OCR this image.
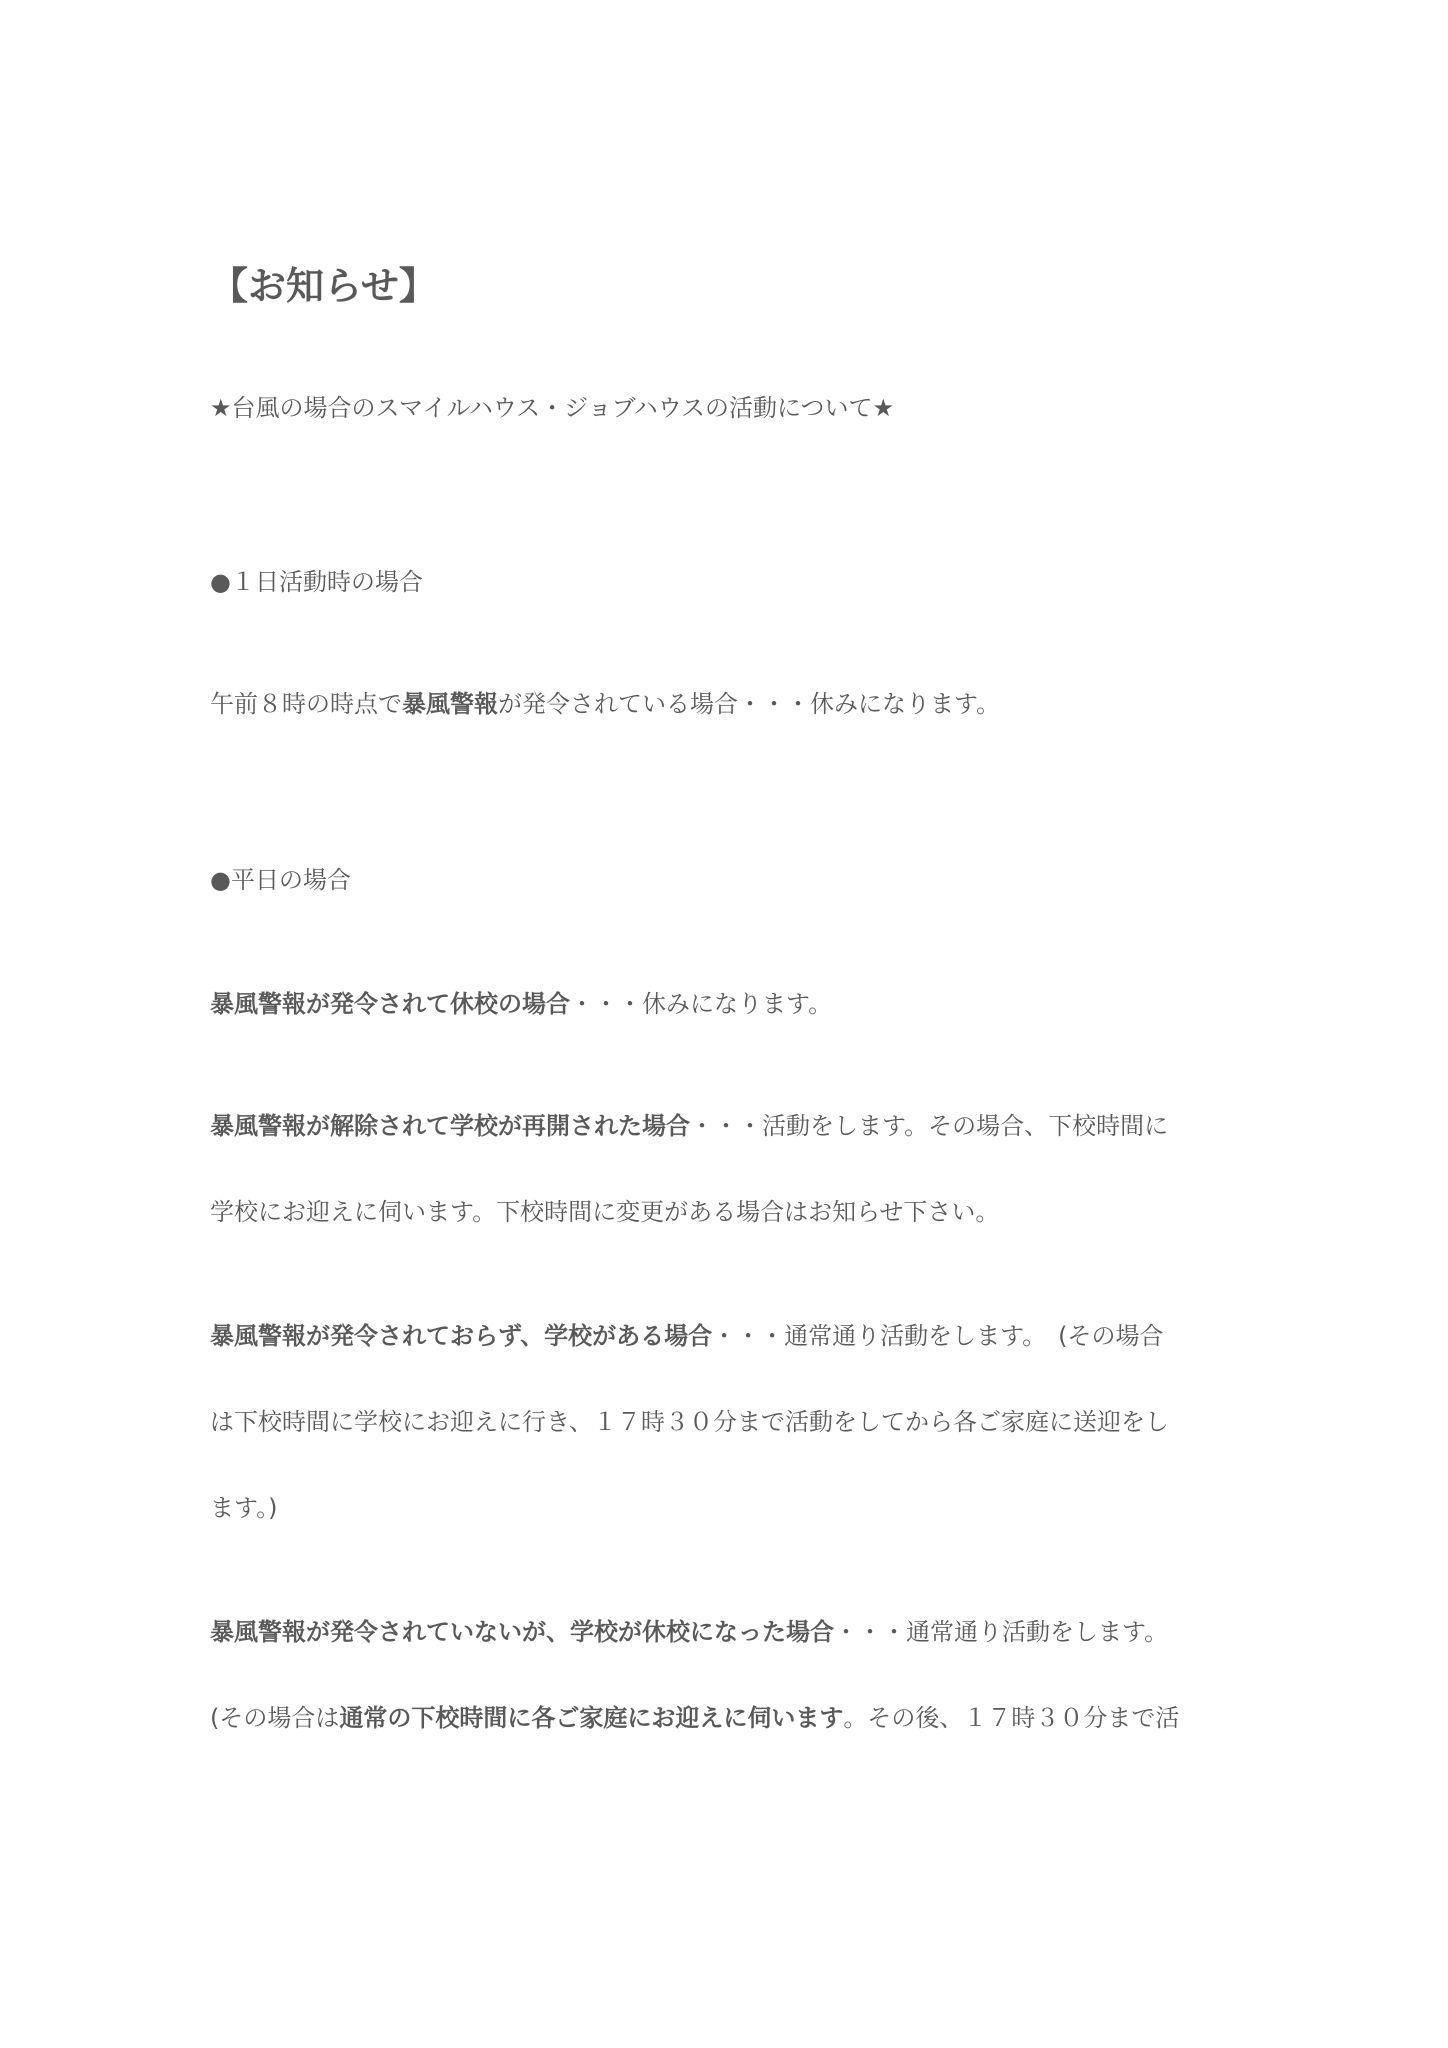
【お知らせ】
★台風の場合のスマイルハウス・ジョブハウスの活動について★
●１日活動時の場合
午前８時の時点で暴風警報が発令されている場合・・・休みになります。
●平日の場合
暴風警報が発令されて休校の場合・・・休みになります。
暴風警報が解除されて学校が再開された場合・・・活動をします。その場合、下校時間に
学校にお迎えに伺います。下校時間に変更がある場合はお知らせ下さい。
暴風警報が発令されておらず、学校がある場合・・・通常通り活動をします。　(その場合
は下校時間に学校にお迎えに行き、１７時３０分まで活動をしてから各ご家庭に送迎をし
ます。)
暴風警報が発令されていないが、学校が休校になった場合・・・通常通り活動をします。
(その場合は通常の下校時間に各ご家庭にお迎えに伺います。その後、１７時３０分まで活
